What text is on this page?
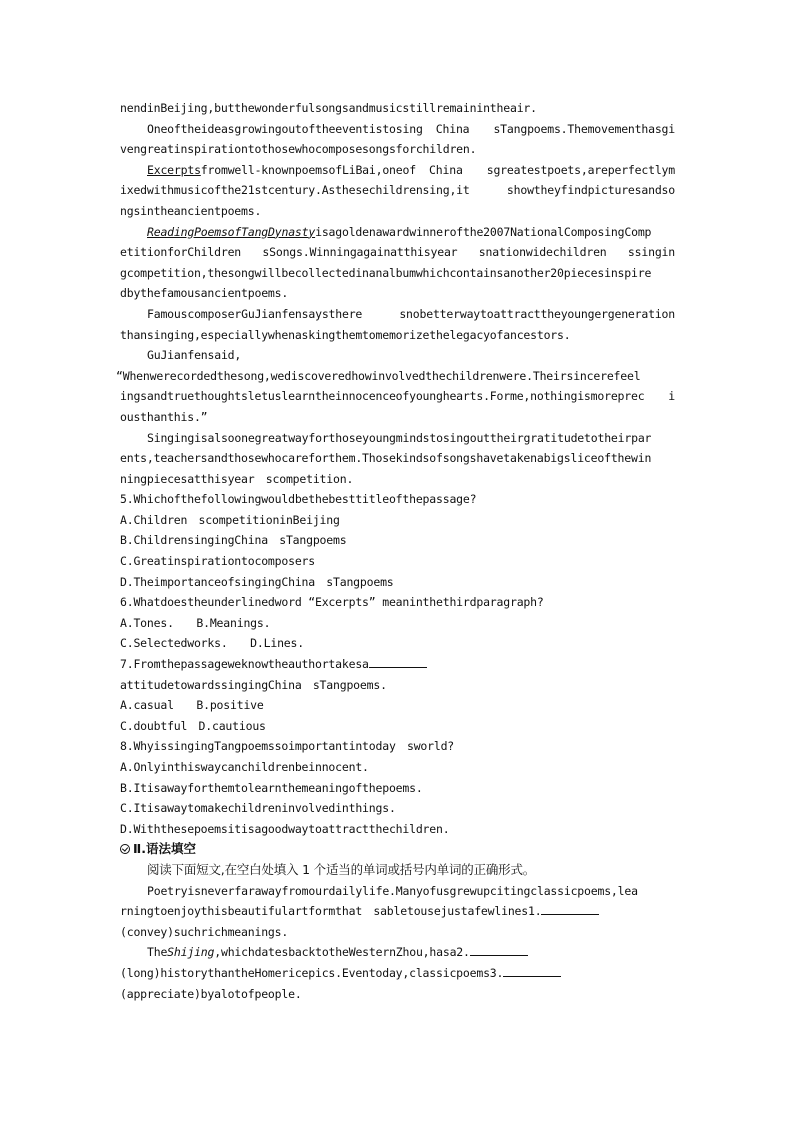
nendinBeijing,butthewonderfulsongsandmusicstillremainintheair.
Oneoftheideasgrowingoutoftheeventistosing China　sTangpoems.Themovementhasgi
vengreatinspirationtothosewhocomposesongsforchildren.
Excerptsfromwell-knownpoemsofLiBai,oneof China　sgreatestpoets,areperfectlym
ixedwithmusicofthe21stcentury.Asthesechildrensing,it　showtheyfindpicturesandso
ngsintheancientpoems.
ReadingPoemsofTangDynastyisagoldenawardwinnerofthe2007NationalComposingComp
etitionforChildren　sSongs.Winningagainatthisyear　snationwidechildren　ssingin
gcompetition,thesongwillbecollectedinanalbumwhichcontainsanother20piecesinspire
dbythefamousancientpoems.
FamouscomposerGuJianfensaysthere　snobetterwaytoattracttheyoungergeneration
thansinging,especiallywhenaskingthemtomemorizethelegacyofancestors.
GuJianfensaid,
“Whenwerecordedthesong,wediscoveredhowinvolvedthechildrenwere.Theirsincerefeel
ingsandtruethoughtsletuslearntheinnocenceofyounghearts.Forme,nothingismoreprec i
ousthanthis.”
Singingisalsoonegreatwayforthoseyoungmindstosingouttheirgratitudetotheirpar
ents,teachersandthosewhocareforthem.Thosekindsofsongshavetakenabigsliceofthewin
ningpiecesatthisyear　scompetition.
5.Whichofthefollowingwouldbethebesttitleofthepassage?
A.Children　scompetitioninBeijing
B.ChildrensingingChina　sTangpoems
C.Greatinspirationtocomposers
D.TheimportanceofsingingChina　sTangpoems
6.Whatdoestheunderlinedword “Excerpts” meaninthethirdparagraph?
A.Tones.　　B.Meanings.
C.Selectedworks.　　D.Lines.
7.Fromthepassageweknowtheauthortakesa
attitudetowardssingingChina　sTangpoems.
A.casual　　B.positive
C.doubtful　D.cautious
8.WhyissingingTangpoemssoimportantintoday　sworld?
A.Onlyinthiswaycanchildrenbeinnocent.
B.Itisawayforthemtolearnthemeaningofthepoems.
C.Itisawaytomakechildreninvolvedinthings.
D.Withthesepoemsitisagoodwaytoattractthechildren.
Ⅱ.语法填空
阅读下面短文,在空白处填入 1 个适当的单词或括号内单词的正确形式。
Poetryisneverfarawayfromourdailylife.Manyofusgrewupcitingclassicpoems,lea
rningtoenjoythisbeautifulartformthat　sabletousejustafewlines1.
(convey)suchrichmeanings.
TheShijing,whichdatesbacktotheWesternZhou,hasa2.
(long)historythantheHomericepics.Eventoday,classicpoems3.
(appreciate)byalotofpeople.
